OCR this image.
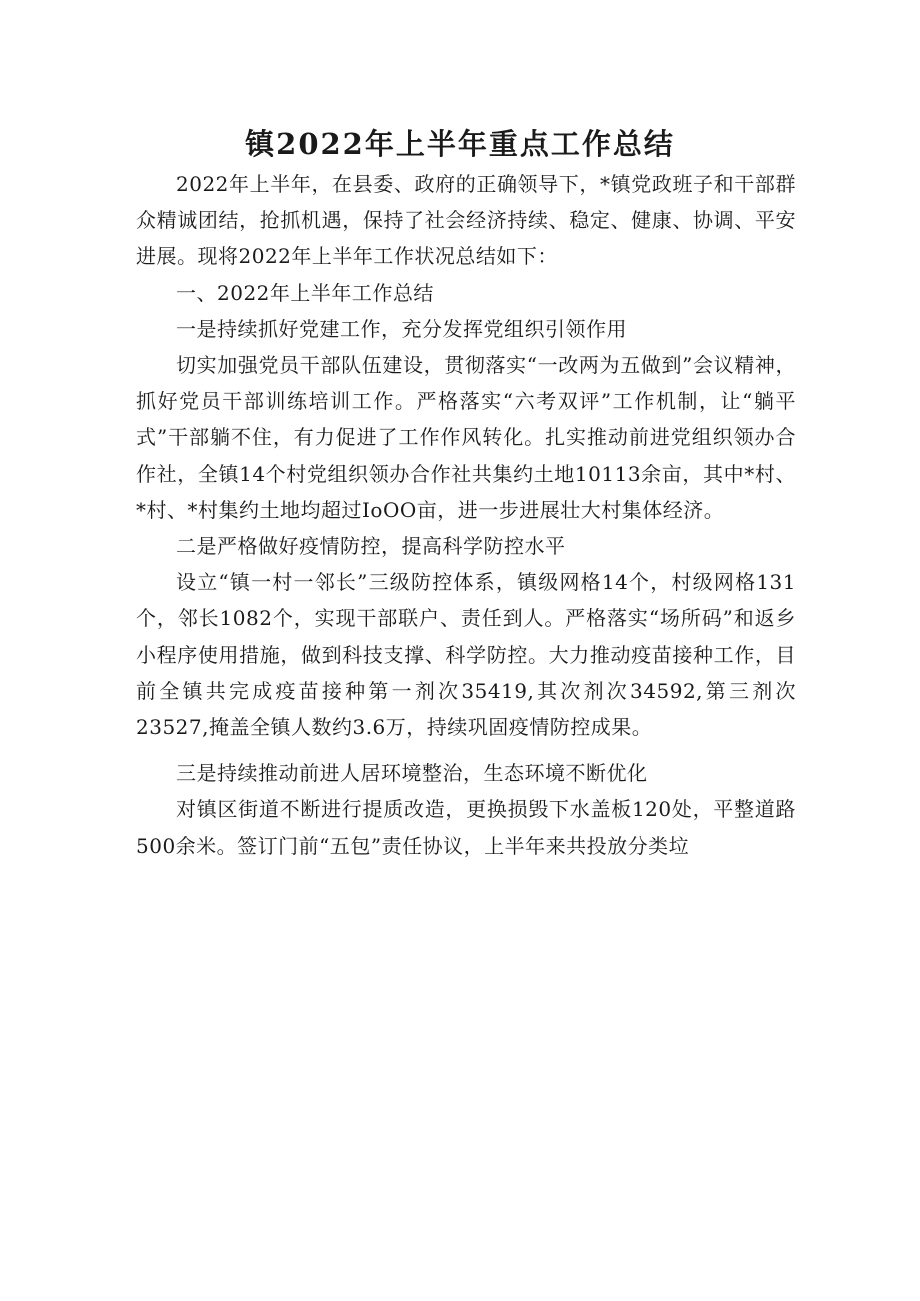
镇2022年上半年重点工作总结

2022年上半年，在县委、政府的正确领导下，*镇党政班子和干部群众精诚团结，抢抓机遇，保持了社会经济持续、稳定、健康、协调、平安进展。现将2022年上半年工作状况总结如下：

一、2022年上半年工作总结

一是持续抓好党建工作，充分发挥党组织引领作用

切实加强党员干部队伍建设，贯彻落实“一改两为五做到”会议精神，抓好党员干部训练培训工作。严格落实“六考双评”工作机制，让“躺平式”干部躺不住，有力促进了工作作风转化。扎实推动前进党组织领办合作社，全镇14个村党组织领办合作社共集约土地10113余亩，其中*村、*村、*村集约土地均超过IoOO亩，进一步进展壮大村集体经济。

二是严格做好疫情防控，提高科学防控水平

设立“镇一村一邻长”三级防控体系，镇级网格14个，村级网格131个，邻长1082个，实现干部联户、责任到人。严格落实“场所码”和返乡小程序使用措施，做到科技支撑、科学防控。大力推动疫苗接种工作，目前全镇共完成疫苗接种第一剂次35419,其次剂次34592,第三剂次23527,掩盖全镇人数约3.6万，持续巩固疫情防控成果。

三是持续推动前进人居环境整治，生态环境不断优化

对镇区街道不断进行提质改造，更换损毁下水盖板120处，平整道路500余米。签订门前“五包”责任协议，上半年来共投放分类垃
